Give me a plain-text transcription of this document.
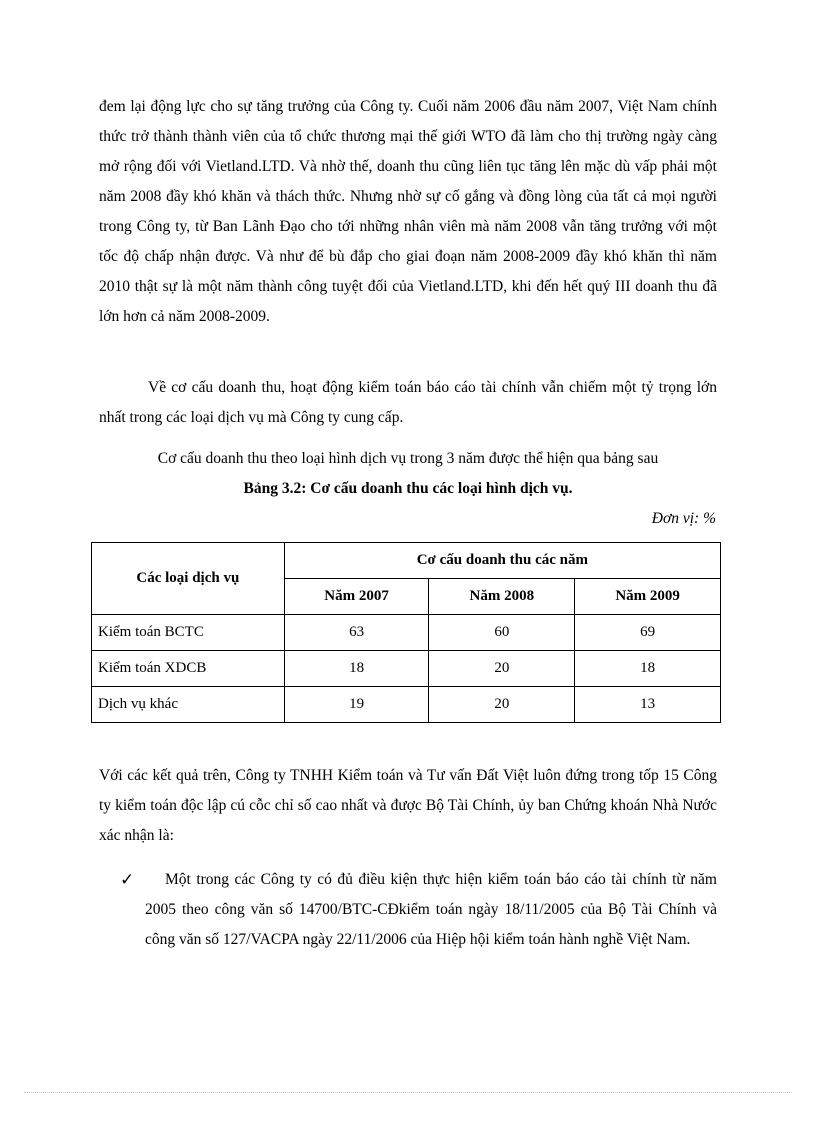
đem lại động lực cho sự tăng trưởng của Công ty. Cuối năm 2006 đầu năm 2007, Việt Nam chính thức trở thành thành viên của tổ chức thương mại thế giới WTO đã làm cho thị trường ngày càng mở rộng đối với Vietland.LTD. Và nhờ thế, doanh thu cũng liên tục tăng lên mặc dù vấp phải một năm 2008 đầy khó khăn và thách thức. Nhưng nhờ sự cố gắng và đồng lòng của tất cả mọi người trong Công ty, từ Ban Lãnh Đạo cho tới những nhân viên mà năm 2008 vẫn tăng trưởng với một tốc độ chấp nhận được. Và như để bù đắp cho giai đoạn năm 2008-2009 đầy khó khăn thì năm 2010 thật sự là một năm thành công tuyệt đối của Vietland.LTD, khi đến hết quý III doanh thu đã lớn hơn cả năm 2008-2009.

Về cơ cấu doanh thu, hoạt động kiểm toán báo cáo tài chính vẫn chiếm một tỷ trọng lớn nhất trong các loại dịch vụ mà Công ty cung cấp.

Cơ cấu doanh thu theo loại hình dịch vụ trong 3 năm được thể hiện qua bảng sau

Bảng 3.2: Cơ cấu doanh thu các loại hình dịch vụ.

Đơn vị: %
Các loại dịch vụ	Cơ cấu doanh thu các năm		
	Năm 2007	Năm 2008	Năm 2009
Kiểm toán BCTC	63	60	69
Kiểm toán XDCB	18	20	18
Dịch vụ khác	19	20	13

Với các kết quả trên, Công ty TNHH Kiểm toán và Tư vấn Đất Việt luôn đứng trong tốp 15 Công ty kiểm toán độc lập cú cỗc chỉ số cao nhất và được Bộ Tài Chính, ủy ban Chứng khoán Nhà Nước xác nhận là:

✓	Một trong các Công ty có đủ điều kiện thực hiện kiểm toán báo cáo tài chính từ năm 2005 theo công văn số 14700/BTC-CĐkiểm toán ngày 18/11/2005 của Bộ Tài Chính và công văn số 127/VACPA ngày 22/11/2006 của Hiệp hội kiểm toán hành nghề Việt Nam.
